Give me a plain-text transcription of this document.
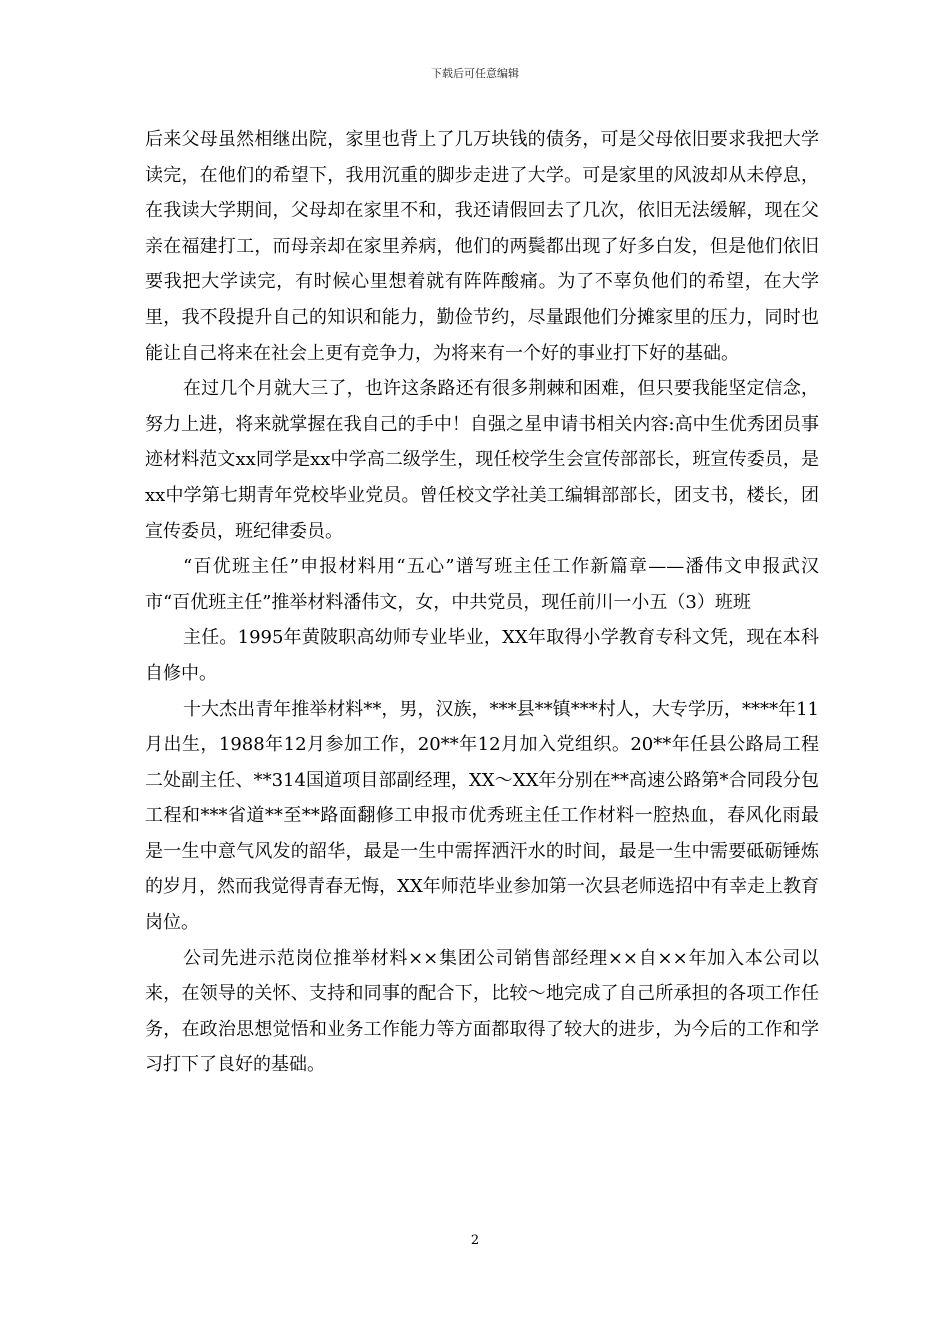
下载后可任意编辑

后来父母虽然相继出院，家里也背上了几万块钱的债务，可是父母依旧要求我把大学读完，在他们的希望下，我用沉重的脚步走进了大学。可是家里的风波却从未停息，在我读大学期间，父母却在家里不和，我还请假回去了几次，依旧无法缓解，现在父亲在福建打工，而母亲却在家里养病，他们的两鬓都出现了好多白发，但是他们依旧要我把大学读完，有时候心里想着就有阵阵酸痛。为了不辜负他们的希望，在大学里，我不段提升自己的知识和能力，勤俭节约，尽量跟他们分摊家里的压力，同时也能让自己将来在社会上更有竞争力，为将来有一个好的事业打下好的基础。

在过几个月就大三了，也许这条路还有很多荆棘和困难，但只要我能坚定信念，努力上进，将来就掌握在我自己的手中！自强之星申请书相关内容:高中生优秀团员事迹材料范文xx同学是xx中学高二级学生，现任校学生会宣传部部长，班宣传委员，是xx中学第七期青年党校毕业党员。曾任校文学社美工编辑部部长，团支书，楼长，团宣传委员，班纪律委员。

“百优班主任”申报材料用“五心”谱写班主任工作新篇章——潘伟文申报武汉市“百优班主任”推举材料潘伟文，女，中共党员，现任前川一小五（3）班班

主任。1995年黄陂职高幼师专业毕业，XX年取得小学教育专科文凭，现在本科自修中。

十大杰出青年推举材料**，男，汉族，***县**镇***村人，大专学历，****年11月出生，1988年12月参加工作，20**年12月加入党组织。20**年任县公路局工程二处副主任、**314国道项目部副经理，XX～XX年分别在**高速公路第*合同段分包工程和***省道**至**路面翻修工申报市优秀班主任工作材料一腔热血，春风化雨最是一生中意气风发的韶华，最是一生中需挥洒汗水的时间，最是一生中需要砥砺锤炼的岁月，然而我觉得青春无悔，XX年师范毕业参加第一次县老师选招中有幸走上教育岗位。

公司先进示范岗位推举材料××集团公司销售部经理××自××年加入本公司以来，在领导的关怀、支持和同事的配合下，比较～地完成了自己所承担的各项工作任务，在政治思想觉悟和业务工作能力等方面都取得了较大的进步，为今后的工作和学习打下了良好的基础。

2
